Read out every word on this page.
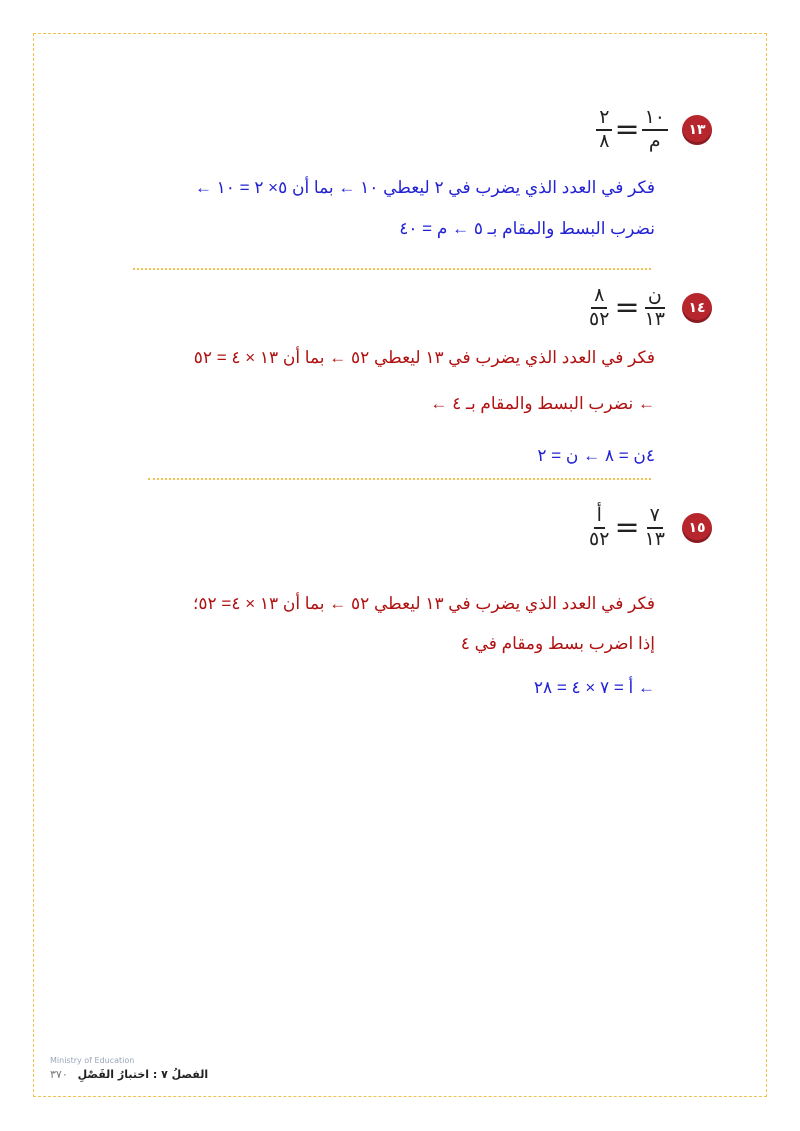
$\frac{٢}{٨} = \frac{١٠}{\text{م}}$	١٣
فكر في العدد الذي يضرب في ٢ ليعطي ١٠ ← بما أن ٥× ٢ = ١٠ ←
نضرب البسط والمقام بـ ٥ ← م = ٤٠
$\frac{٨}{٥٢} = \frac{\text{ن}}{١٣}$	١٤
فكر في العدد الذي يضرب في ١٣ ليعطي ٥٢ ← بما أن ١٣ × ٤ = ٥٢
← نضرب البسط والمقام بـ ٤ ←
٤ن = ٨ ← ن = ٢
$\frac{\text{أ}}{٥٢} = \frac{٧}{١٣}$	١٥
فكر في العدد الذي يضرب في ١٣ ليعطي ٥٢ ← بما أن ١٣ × ٤= ٥٢؛
إذا اضرب بسط ومقام في ٤
← أ = ٧ × ٤ = ٢٨
Ministry of Education
الفصلُ ٧ : اختبارُ الفَصْلِ ٣٧٠
